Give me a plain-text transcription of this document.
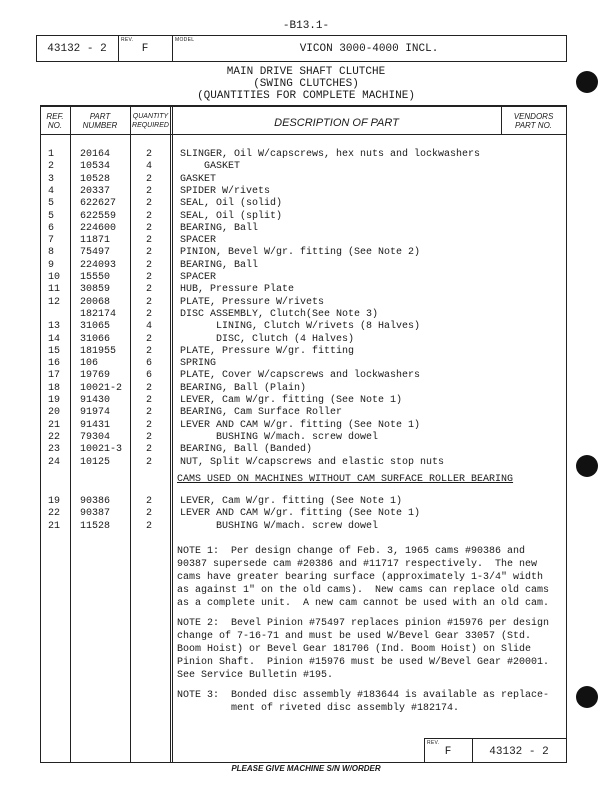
-B13.1-
REV.	MODEL
43132 - 2	F	VICON 3000-4000 INCL.
MAIN DRIVE SHAFT CLUTCHE
(SWING CLUTCHES)
(QUANTITIES FOR COMPLETE MACHINE)
REF.
NO.
PART
NUMBER
QUANTITY
REQUIRED	DESCRIPTION OF PART
VENDORS
PART NO.
1	20164	2	SLINGER, Oil W/capscrews, hex nuts and lockwashers
2	10534	4	GASKET
3	10528	2	GASKET
4	20337	2	SPIDER W/rivets
5	622627	2	SEAL, Oil (solid)
5	622559	2	SEAL, Oil (split)
6	224600	2	BEARING, Ball
7	11871	2	SPACER
8	75497	2	PINION, Bevel W/gr. fitting (See Note 2)
9	224093	2	BEARING, Ball
10	15550	2	SPACER
11	30859	2	HUB, Pressure Plate
12	20068	2	PLATE, Pressure W/rivets
182174	2	DISC ASSEMBLY, Clutch(See Note 3)
13	31065	4	LINING, Clutch W/rivets (8 Halves)
14	31066	2	DISC, Clutch (4 Halves)
15	181955	2	PLATE, Pressure W/gr. fitting
16	106	6	SPRING
17	19769	6	PLATE, Cover W/capscrews and lockwashers
18	10021-2	2	BEARING, Ball (Plain)
19	91430	2	LEVER, Cam W/gr. fitting (See Note 1)
20	91974	2	BEARING, Cam Surface Roller
21	91431	2	LEVER AND CAM W/gr. fitting (See Note 1)
22	79304	2	BUSHING W/mach. screw dowel
23	10021-3	2	BEARING, Ball (Banded)
24	10125	2	NUT, Split W/capscrews and elastic stop nuts
CAMS USED ON MACHINES WITHOUT CAM SURFACE ROLLER BEARING
19	90386	2	LEVER, Cam W/gr. fitting (See Note 1)
22	90387	2	LEVER AND CAM W/gr. fitting (See Note 1)
21	11528	2	BUSHING W/mach. screw dowel
NOTE 1:  Per design change of Feb. 3, 1965 cams #90386 and
90387 supersede cam #20386 and #11717 respectively.  The new
cams have greater bearing surface (approximately 1-3/4" width
as against 1" on the old cams).  New cams can replace old cams
as a complete unit.  A new cam cannot be used with an old cam.
NOTE 2:  Bevel Pinion #75497 replaces pinion #15976 per design
change of 7-16-71 and must be used W/Bevel Gear 33057 (Std.
Boom Hoist) or Bevel Gear 181706 (Ind. Boom Hoist) on Slide
Pinion Shaft.  Pinion #15976 must be used W/Bevel Gear #20001.
See Service Bulletin #195.
NOTE 3:  Bonded disc assembly #183644 is available as replace-
ment of riveted disc assembly #182174.
REV.
F	43132 - 2
PLEASE GIVE MACHINE S/N W/ORDER
